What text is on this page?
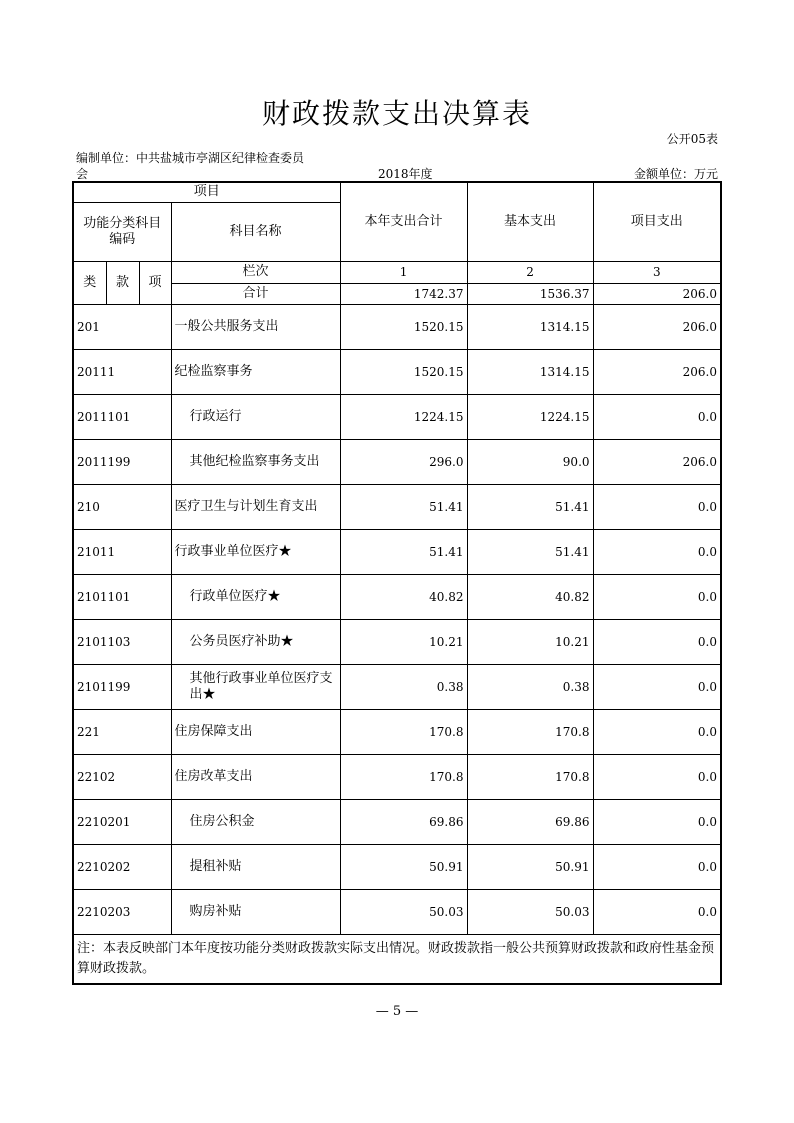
财政拨款支出决算表
公开05表
编制单位：中共盐城市亭湖区纪律检查委员
会	2018年度	金额单位：万元
项目				本年支出合计	基本支出	项目支出
功能分类科目编码			科目名称			
类	款	项	栏次	1	2	3
			合计	1742.37	1536.37	206.0
201			一般公共服务支出	1520.15	1314.15	206.0
20111			纪检监察事务	1520.15	1314.15	206.0
2011101			行政运行	1224.15	1224.15	0.0
2011199			其他纪检监察事务支出	296.0	90.0	206.0
210			医疗卫生与计划生育支出	51.41	51.41	0.0
21011			行政事业单位医疗★	51.41	51.41	0.0
2101101			行政单位医疗★	40.82	40.82	0.0
2101103			公务员医疗补助★	10.21	10.21	0.0
2101199			其他行政事业单位医疗支出★	0.38	0.38	0.0
221			住房保障支出	170.8	170.8	0.0
22102			住房改革支出	170.8	170.8	0.0
2210201			住房公积金	69.86	69.86	0.0
2210202			提租补贴	50.91	50.91	0.0
2210203			购房补贴	50.03	50.03	0.0
注：本表反映部门本年度按功能分类财政拨款实际支出情况。财政拨款指一般公共预算财政拨款和政府性基金预算财政拨款。						
— 5 —
